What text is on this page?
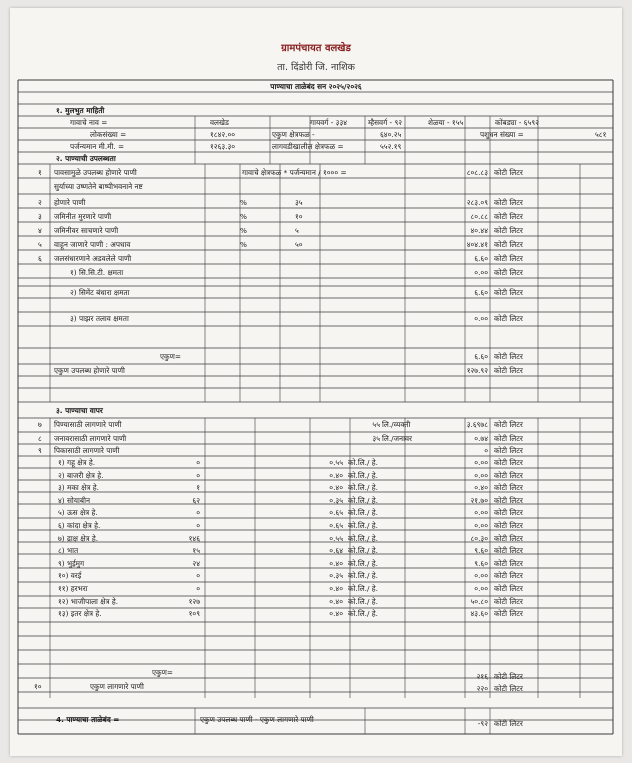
ग्रामपंचायत वलखेड
ता. दिंडोरी जि. नाशिक
पाण्याचा ताळेबंद सन २०२५/२०२६
१. मुलभुत माहिती
गावाचे नाव =	वलखेड	गायवर्ग - ३३४	म्हैसवर्ग - ९२	शेळया - १५५	कोंबड्या - ६५९२
लोकसंख्या =	१८४२.००	एकुण क्षेत्रफळ -	६४०.२५	पशुधन संख्या =	५८१
पर्जन्यमान मी.मी. =	१२६३.३०	लागवडीखालील क्षेत्रफळ =	५५२.१९
२. पाण्याची उपलब्धता
१ पावसामुळे उपलब्ध होणारे पाणी	गावाचे क्षेत्रफळ * पर्जन्यमान / १००० =	८०८.८३ कोटी लिटर
सुर्याच्या उष्णतेने बाष्पीभवनाने नष्ट
२ होणारे पाणी	%	३५	२८३.०९ कोटी लिटर
३ जमिनीत मुरणारे पाणी	%	१०	८०.८८ कोटी लिटर
४ जमिनीवर साचणारे पाणी	%	५	४०.४४ कोटी लिटर
५ वाहून जाणारे पाणी : अपधाव	%	५०	४०४.४१ कोटी लिटर
६ जलसंधारणाने अडवलेले पाणी	६.६० कोटी लिटर
१) सि.सि.टी. क्षमता	०.०० कोटी लिटर
२) सिमेंट बंधारा क्षमता	६.६० कोटी लिटर
३) पाझर तलाव क्षमता	०.०० कोटी लिटर
एकुण=	६.६० कोटी लिटर
एकुण उपलब्ध होणारे पाणी	१२७.९२ कोटी लिटर
३. पाण्याचा वापर
७ पिण्यासाठी लागणारे पाणी	५५ लि./व्यक्ती	३.६९७८ कोटी लिटर
८ जनावरासाठी लागणारे पाणी	३५ लि./जनावर	०.७४ कोटी लिटर
९ पिकासाठी लागणारे पाणी	० कोटी लिटर
१) गहू क्षेत्र हे.	०	०.५५ को.लि./ हे.	०.०० कोटी लिटर
२) बाजरी क्षेत्र हे.	०	०.४० को.लि./ हे.	०.०० कोटी लिटर
३) मका क्षेत्र हे.	१	०.४० को.लि./ हे.	०.४० कोटी लिटर
४) सोयाबीन	६२	०.३५ को.लि./ हे.	२१.७० कोटी लिटर
५) ऊस क्षेत्र हे.	०	०.६५ को.लि./ हे.	०.०० कोटी लिटर
६) कांदा क्षेत्र हे.	०	०.६५ को.लि./ हे.	०.०० कोटी लिटर
७) द्राक्ष क्षेत्र हे.	१४६	०.५५ को.लि./ हे.	८०.३० कोटी लिटर
८) भात	१५	०.६४ को.लि./ हे.	९.६० कोटी लिटर
९) भुईमुग	२४	०.४० को.लि./ हे.	९.६० कोटी लिटर
१०) वरई	०	०.३५ को.लि./ हे.	०.०० कोटी लिटर
११) हरभरा	०	०.४० को.लि./ हे.	०.०० कोटी लिटर
१२) भाजीपाला क्षेत्र हे.	१२७	०.४० को.लि./ हे.	५०.८० कोटी लिटर
१३) इतर क्षेत्र हे.	१०९	०.४० को.लि./ हे.	४३.६० कोटी लिटर
एकुण=	२१६ कोटी लिटर
१०	एकुण लागणारे पाणी	२२० कोटी लिटर
4. पाण्याचा ताळेबंद =	एकुण उपलब्ध पाणी - एकुण लागणारे पाणी	-९२ कोटी लिटर
